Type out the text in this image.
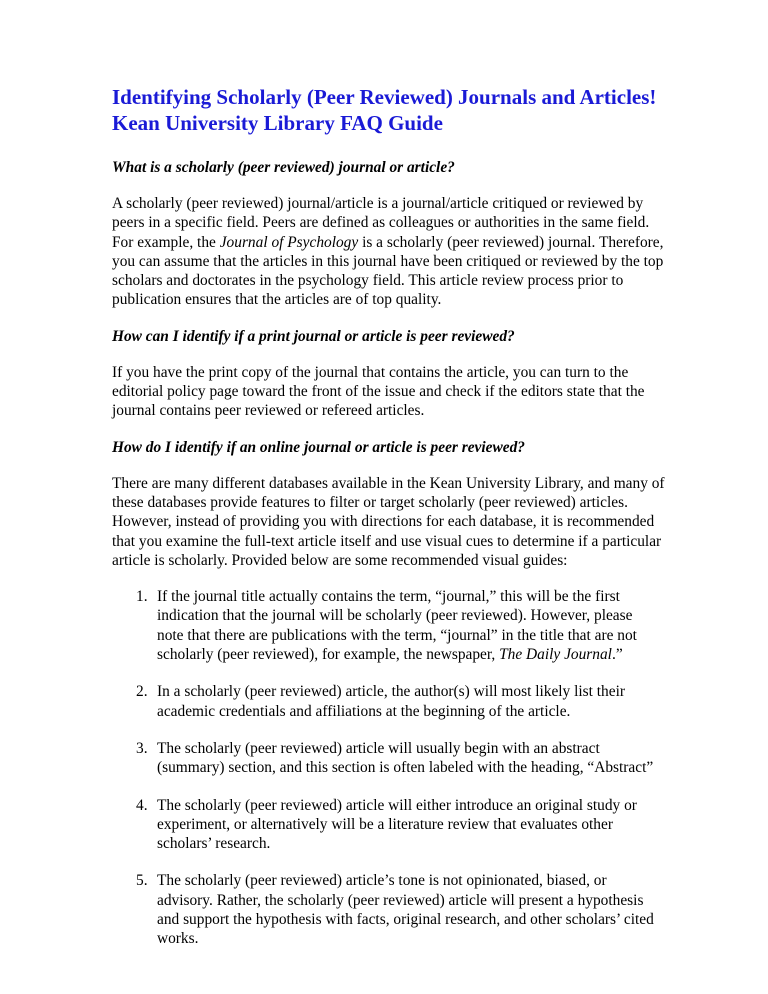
Identifying Scholarly (Peer Reviewed) Journals and Articles!
Kean University Library FAQ Guide
What is a scholarly (peer reviewed) journal or article?
A scholarly (peer reviewed) journal/article is a journal/article critiqued or reviewed by
peers in a specific field. Peers are defined as colleagues or authorities in the same field.
For example, the Journal of Psychology is a scholarly (peer reviewed) journal. Therefore,
you can assume that the articles in this journal have been critiqued or reviewed by the top
scholars and doctorates in the psychology field. This article review process prior to
publication ensures that the articles are of top quality.
How can I identify if a print journal or article is peer reviewed?
If you have the print copy of the journal that contains the article, you can turn to the
editorial policy page toward the front of the issue and check if the editors state that the
journal contains peer reviewed or refereed articles.
How do I identify if an online journal or article is peer reviewed?
There are many different databases available in the Kean University Library, and many of
these databases provide features to filter or target scholarly (peer reviewed) articles.
However, instead of providing you with directions for each database, it is recommended
that you examine the full-text article itself and use visual cues to determine if a particular
article is scholarly. Provided below are some recommended visual guides:
1. If the journal title actually contains the term, “journal,” this will be the first
indication that the journal will be scholarly (peer reviewed). However, please
note that there are publications with the term, “journal” in the title that are not
scholarly (peer reviewed), for example, the newspaper, The Daily Journal.”
2. In a scholarly (peer reviewed) article, the author(s) will most likely list their
academic credentials and affiliations at the beginning of the article.
3. The scholarly (peer reviewed) article will usually begin with an abstract
(summary) section, and this section is often labeled with the heading, “Abstract”
4. The scholarly (peer reviewed) article will either introduce an original study or
experiment, or alternatively will be a literature review that evaluates other
scholars’ research.
5. The scholarly (peer reviewed) article’s tone is not opinionated, biased, or
advisory. Rather, the scholarly (peer reviewed) article will present a hypothesis
and support the hypothesis with facts, original research, and other scholars’ cited
works.
